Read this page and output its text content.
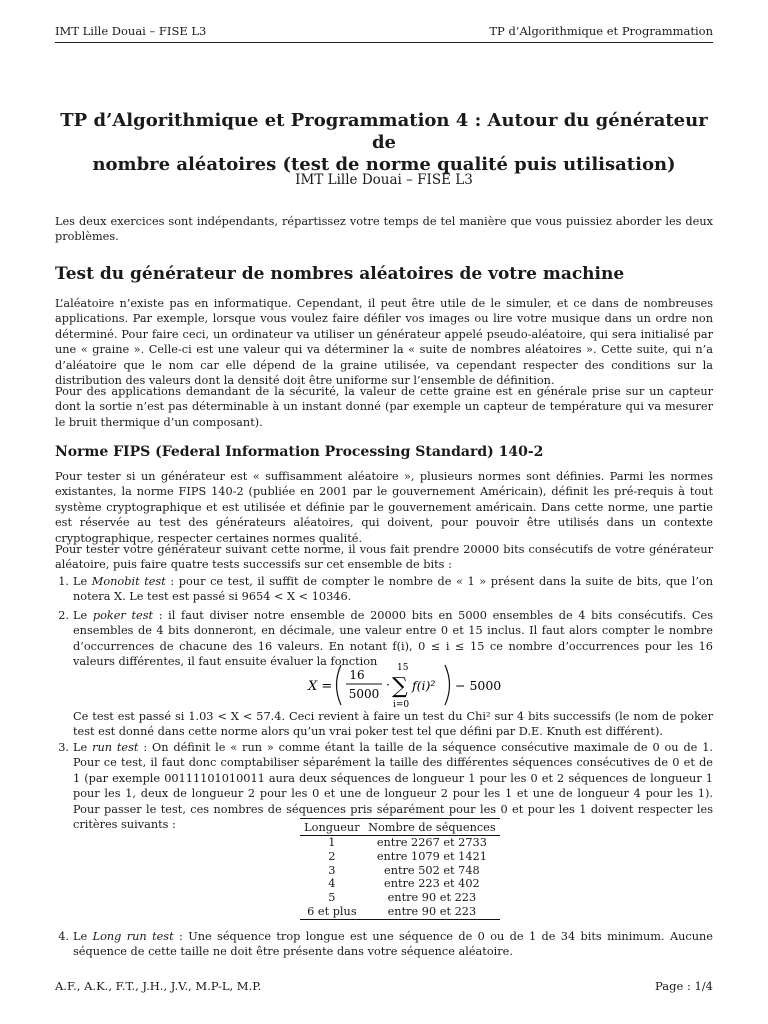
IMT Lille Douai – FISE L3	TP d’Algorithmique et Programmation
TP d’Algorithmique et Programmation 4 : Autour du générateur de
nombre aléatoires (test de norme qualité puis utilisation)
IMT Lille Douai – FISE L3
Les deux exercices sont indépendants, répartissez votre temps de tel manière que vous puissiez aborder les deux problèmes.
Test du générateur de nombres aléatoires de votre machine
L’aléatoire n’existe pas en informatique. Cependant, il peut être utile de le simuler, et ce dans de nombreuses applications. Par exemple, lorsque vous voulez faire défiler vos images ou lire votre musique dans un ordre non déterminé. Pour faire ceci, un ordinateur va utiliser un générateur appelé pseudo-aléatoire, qui sera initialisé par une « graine ». Celle-ci est une valeur qui va déterminer la « suite de nombres aléatoires ». Cette suite, qui n’a d’aléatoire que le nom car elle dépend de la graine utilisée, va cependant respecter des conditions sur la distribution des valeurs dont la densité doit être uniforme sur l’ensemble de définition.
Pour des applications demandant de la sécurité, la valeur de cette graine est en générale prise sur un capteur dont la sortie n’est pas déterminable à un instant donné (par exemple un capteur de température qui va mesurer le bruit thermique d’un composant).
Norme FIPS (Federal Information Processing Standard) 140-2
Pour tester si un générateur est « suffisamment aléatoire », plusieurs normes sont définies. Parmi les normes existantes, la norme FIPS 140-2 (publiée en 2001 par le gouvernement Américain), définit les pré-requis à tout système cryptographique et est utilisée et définie par le gouvernement américain. Dans cette norme, une partie est réservée au test des générateurs aléatoires, qui doivent, pour pouvoir être utilisés dans un contexte cryptographique, respecter certaines normes qualité.
Pour tester votre générateur suivant cette norme, il vous fait prendre 20000 bits consécutifs de votre générateur aléatoire, puis faire quatre tests successifs sur cet ensemble de bits :
1. Le Monobit test : pour ce test, il suffit de compter le nombre de « 1 » présent dans la suite de bits, que l’on notera X. Le test est passé si 9654 < X < 10346.
2. Le poker test : il faut diviser notre ensemble de 20000 bits en 5000 ensembles de 4 bits consécutifs. Ces ensembles de 4 bits donneront, en décimale, une valeur entre 0 et 15 inclus. Il faut alors compter le nombre d’occurrences de chacune des 16 valeurs. En notant f(i), 0 ≤ i ≤ 15 ce nombre d’occurrences pour les 16 valeurs différentes, il faut ensuite évaluer la fonction
X =
16
5000
·
15
∑
i=0
f(i)² − 5000
Ce test est passé si 1.03 < X < 57.4. Ceci revient à faire un test du Chi² sur 4 bits successifs (le nom de poker test est donné dans cette norme alors qu’un vrai poker test tel que défini par D.E. Knuth est différent).
3. Le run test : On définit le « run » comme étant la taille de la séquence consécutive maximale de 0 ou de 1. Pour ce test, il faut donc comptabiliser séparément la taille des différentes séquences consécutives de 0 et de 1 (par exemple 00111101010011 aura deux séquences de longueur 1 pour les 0 et 2 séquences de longueur 1 pour les 1, deux de longueur 2 pour les 0 et une de longueur 2 pour les 1 et une de longueur 4 pour les 1). Pour passer le test, ces nombres de séquences pris séparément pour les 0 et pour les 1 doivent respecter les critères suivants :	Longueur	Nombre de séquences
1	entre 2267 et 2733
2	entre 1079 et 1421
3	entre 502 et 748
4	entre 223 et 402
5	entre 90 et 223
6 et plus	entre 90 et 223
4. Le Long run test : Une séquence trop longue est une séquence de 0 ou de 1 de 34 bits minimum. Aucune séquence de cette taille ne doit être présente dans votre séquence aléatoire.
A.F., A.K., F.T., J.H., J.V., M.P-L, M.P.	Page : 1/4
